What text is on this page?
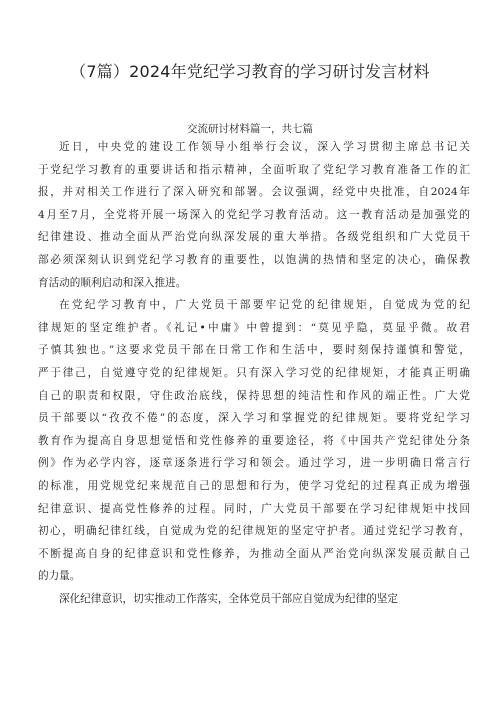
（7篇）2024年党纪学习教育的学习研讨发言材料
交流研讨材料篇一，共七篇
近日，中央党的建设工作领导小组举行会议，深入学习贯彻主席总书记关
于党纪学习教育的重要讲话和指示精神，全面听取了党纪学习教育准备工作的汇
报，并对相关工作进行了深入研究和部署。会议强调，经党中央批准，自2024年
4月至7月，全党将开展一场深入的党纪学习教育活动。这一教育活动是加强党的
纪律建设、推动全面从严治党向纵深发展的重大举措。各级党组织和广大党员干
部必须深刻认识到党纪学习教育的重要性，以饱满的热情和坚定的决心，确保教
育活动的顺利启动和深入推进。
在党纪学习教育中，广大党员干部要牢记党的纪律规矩，自觉成为党的纪
律规矩的坚定维护者。《礼记•中庸》中曾提到：“莫见乎隐，莫显乎微。故君
子慎其独也。”这要求党员干部在日常工作和生活中，要时刻保持谨慎和警觉，
严于律己，自觉遵守党的纪律规矩。只有深入学习党的纪律规矩，才能真正明确
自己的职责和权限，守住政治底线，保持思想的纯洁性和作风的端正性。广大党
员干部要以“孜孜不倦”的态度，深入学习和掌握党的纪律规矩。要将党纪学习
教育作为提高自身思想觉悟和党性修养的重要途径，将《中国共产党纪律处分条
例》作为必学内容，逐章逐条进行学习和领会。通过学习，进一步明确日常言行
的标准，用党规党纪来规范自己的思想和行为，使学习党纪的过程真正成为增强
纪律意识、提高党性修养的过程。同时，广大党员干部要在学习纪律规矩中找回
初心，明确纪律红线，自觉成为党的纪律规矩的坚定守护者。通过党纪学习教育，
不断提高自身的纪律意识和党性修养，为推动全面从严治党向纵深发展贡献自己
的力量。
深化纪律意识，切实推动工作落实，全体党员干部应自觉成为纪律的坚定
